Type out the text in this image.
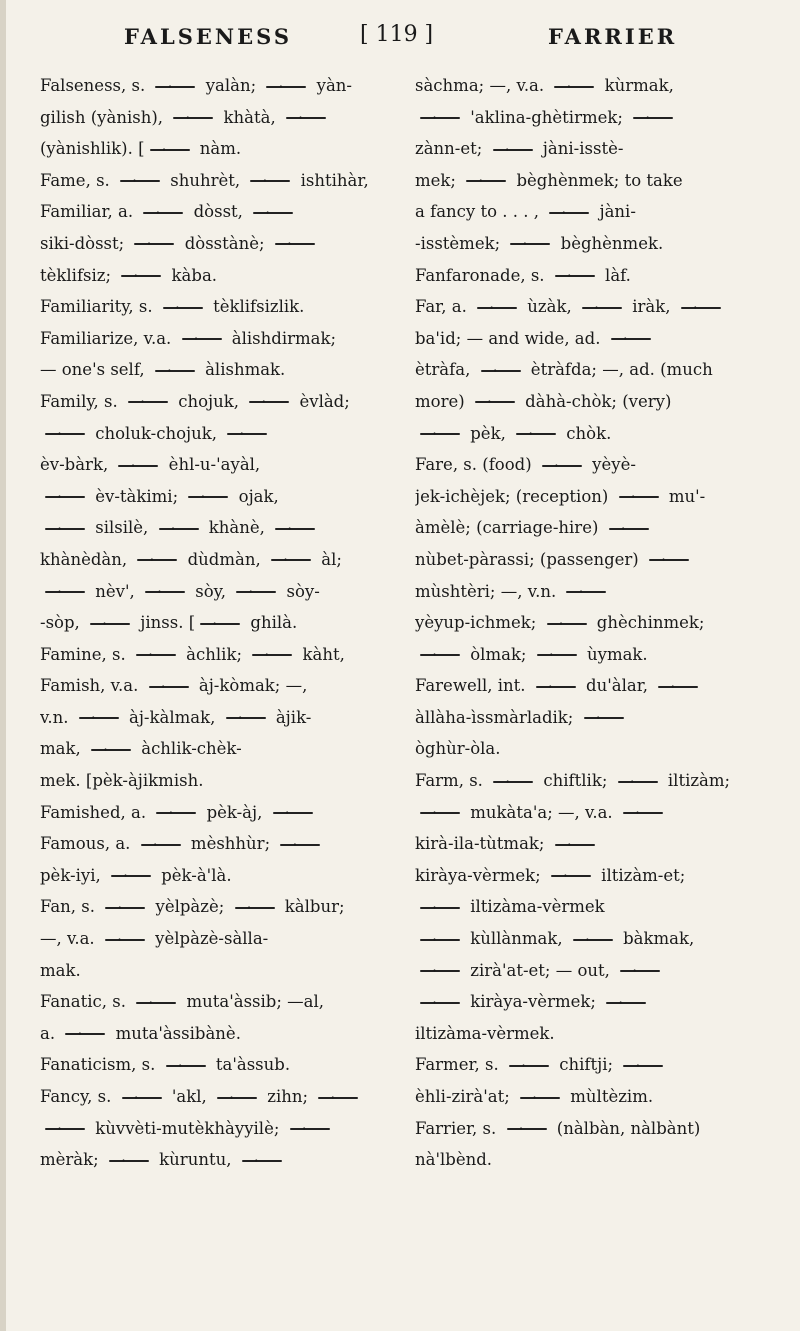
FALSENESS	[ 119 ]	FARRIER
Falseness, s. ·	yalàn; ·	yàn-
gilish (yànish), ·	khàtà, ·
(yànishlik). [ ·	nàm.
Fame, s. ·	shuhrèt, ·	ishtihàr,
Familiar, a. ·	dòsst, ·
siki-dòsst; ·	dòsstànè; ·
tèklifsiz; ·	kàba.
Familiarity, s. ·	tèklifsizlik.
Familiarize, v.a. ·	àlishdirmak;
— one's self, ·	àlishmak.
Family, s. ·	chojuk, ·	èvlàd;
· choluk-chojuk, ·
èv-bàrk, ·	èhl-u-'ayàl,
· èv-tàkimi; ·	ojak,
· silsilè, ·	khànè, ·
khànèdàn, ·	dùdmàn, ·	àl;
· nèv', ·	sòy, ·	sòy-
-sòp, ·	jinss. [ ·	ghilà.
Famine, s. ·	àchlik; ·	kàht,
Famish, v.a. ·	àj-kòmak; —,
v.n. ·	àj-kàlmak, ·	àjik-
mak, ·	àchlik-chèk-
mek. [pèk-àjikmish.
Famished, a. ·	pèk-àj, ·
Famous, a. ·	mèshhùr; ·
pèk-iyi, ·	pèk-à'là.
Fan, s. ·	yèlpàzè; ·	kàlbur;
—, v.a. ·	yèlpàzè-sàlla-
mak.
Fanatic, s. ·	muta'àssib; —al,
a. ·	muta'àssibànè.
Fanaticism, s. ·	ta'àssub.
Fancy, s. ·	'akl, ·	zihn; ·
· kùvvèti-mutèkhàyyilè; ·
mèràk; ·	kùruntu, ·
sàchma; —, v.a. ·	kùrmak,
· 'aklina-ghètirmek; ·
zànn-et; ·	jàni-isstè-
mek; ·	bèghènmek; to take
a fancy to . . . , ·	jàni-
-isstèmek; ·	bèghènmek.
Fanfaronade, s. ·	làf.
Far, a. ·	ùzàk, ·	iràk, ·
ba'id; — and wide, ad. ·
ètràfa, ·	ètràfda; —, ad. (much
more) ·	dàhà-chòk; (very)
· pèk, ·	chòk.
Fare, s. (food) ·	yèyè-
jek-ichèjek; (reception) ·	mu'-
àmèlè; (carriage-hire) ·
nùbet-pàrassi; (passenger) ·
mùshtèri; —, v.n. ·
yèyup-ichmek; ·	ghèchinmek;
· òlmak; ·	ùymak.
Farewell, int. ·	du'àlar, ·
àllàha-ìssmàrladik; ·
òghùr-òla.
Farm, s. ·	chiftlik; ·	iltizàm;
· mukàta'a; —, v.a. ·
kirà-ila-tùtmak; ·
kiràya-vèrmek; ·	iltizàm-et;
· iltizàma-vèrmek
· kùllànmak, ·	bàkmak,
· zirà'at-et; — out, ·
· kiràya-vèrmek; ·
iltizàma-vèrmek.
Farmer, s. ·	chiftji; ·
èhli-zirà'at; ·	mùltèzim.
Farrier, s. ·	(nàlbàn, nàlbànt)
nà'lbènd.
